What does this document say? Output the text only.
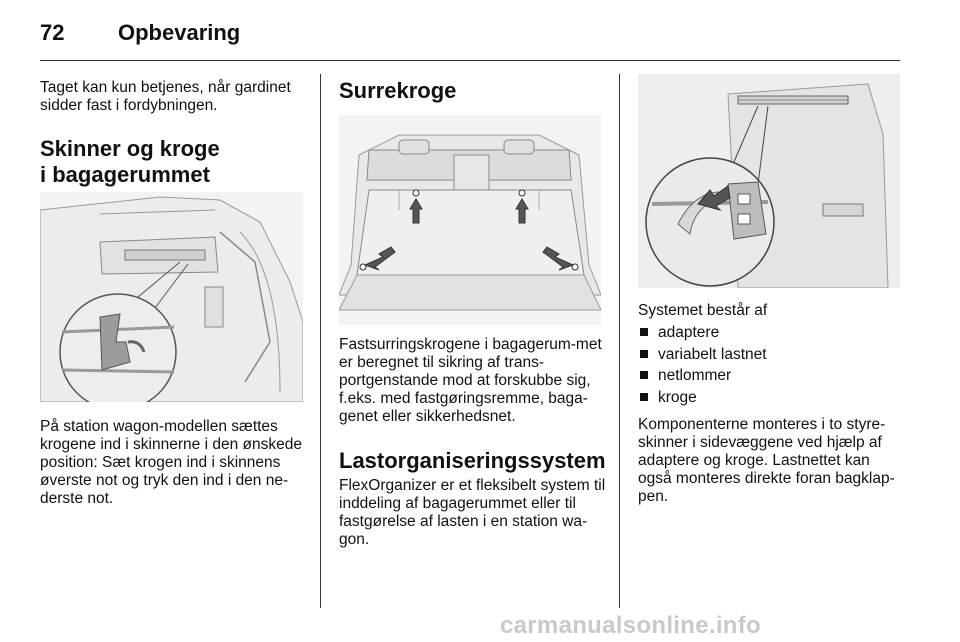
72 Opbevaring
Taget kan kun betjenes, når gardinet sidder fast i fordybningen.
Skinner og kroge
i bagagerummet
På station wagon-modellen sættes krogene ind i skinnerne i den ønskede position: Sæt krogen ind i skinnens øverste not og tryk den ind i den ne-derste not.
Surrekroge
Fastsurringskrogene i bagagerum-met er beregnet til sikring af trans-portgenstande mod at forskubbe sig, f.eks. med fastgøringsremme, baga-genet eller sikkerhedsnet.
Lastorganiseringssystem
FlexOrganizer er et fleksibelt system til inddeling af bagagerummet eller til fastgørelse af lasten i en station wa-gon.
Systemet består af
adaptere
variabelt lastnet
netlommer
kroge
Komponenterne monteres i to styre-skinner i sidevæggene ved hjælp af adaptere og kroge. Lastnettet kan også monteres direkte foran bagklap-pen.
carmanualsonline.info
